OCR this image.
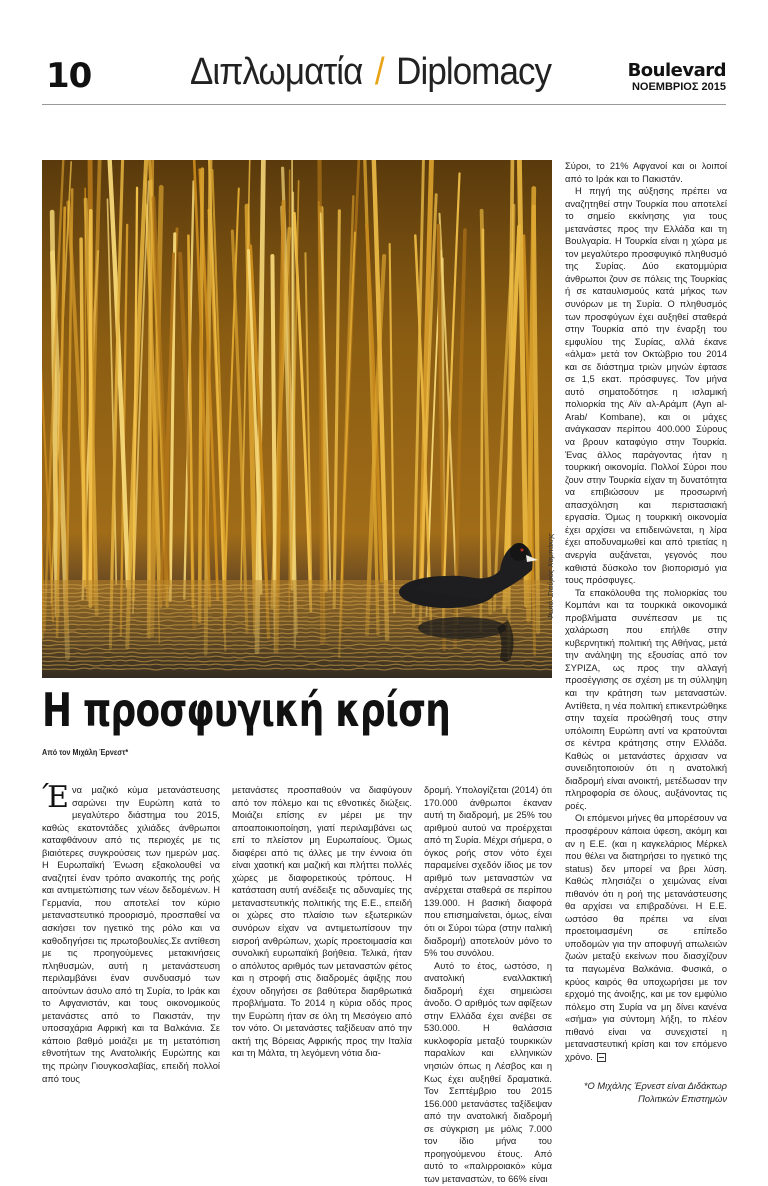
10	Διπλωματία / Diplomacy	Boulevard
ΝΟΕΜΒΡΙΟΣ 2015
Φωτό: Σταύρος Χαμπάκης
Η προσφυγική κρίση
Από τον Μιχάλη Έρνεστ*

Ένα μαζικό κύμα μετανάστευσης σαρώνει την Ευρώπη κατά το μεγαλύτερο διάστημα του 2015, καθώς εκατοντάδες χιλιάδες άνθρωποι καταφθάνουν από τις περιοχές με τις βιαιότερες συγκρούσεις των ημερών μας. Η Ευρωπαϊκή Ένωση εξακολουθεί να αναζητεί έναν τρόπο ανακοπής της ροής και αντιμετώπισης των νέων δεδομένων. Η Γερμανία, που αποτελεί τον κύριο μεταναστευτικό προορισμό, προσπαθεί να ασκήσει τον ηγετικό της ρόλο και να καθοδηγήσει τις πρωτοβουλίες.Σε αντίθεση με τις προηγούμενες μετακινήσεις πληθυσμών, αυτή η μετανάστευση περιλαμβάνει έναν συνδυασμό των αιτούντων άσυλο από τη Συρία, το Ιράκ και το Αφγανιστάν, και τους οικονομικούς μετανάστες από το Πακιστάν, την υποσαχάρια Αφρική και τα Βαλκάνια. Σε κάποιο βαθμό μοιάζει με τη μετατόπιση εθνοτήτων της Ανατολικής Ευρώπης και της πρώην Γιουγκοσλαβίας, επειδή πολλοί από τους

μετανάστες προσπαθούν να διαφύγουν από τον πόλεμο και τις εθνοτικές διώξεις. Μοιάζει επίσης εν μέρει με την αποαποικιοποίηση, γιατί περιλαμβάνει ως επί το πλείστον μη Ευρωπαίους. Όμως διαφέρει από τις άλλες με την έννοια ότι είναι χαοτική και μαζική και πλήττει πολλές χώρες με διαφορετικούς τρόπους. Η κατάσταση αυτή ανέδειξε τις αδυναμίες της μεταναστευτικής πολιτικής της Ε.Ε., επειδή οι χώρες στο πλαίσιο των εξωτερικών συνόρων είχαν να αντιμετωπίσουν την εισροή ανθρώπων, χωρίς προετοιμασία και συνολική ευρωπαϊκή βοήθεια. Τελικά, ήταν ο απόλυτος αριθμός των μεταναστών φέτος και η στροφή στις διαδρομές άφιξης που έχουν οδηγήσει σε βαθύτερα διαρθρωτικά προβλήματα. Το 2014 η κύρια οδός προς την Ευρώπη ήταν σε όλη τη Μεσόγειο από τον νότο. Οι μετανάστες ταξίδευαν από την ακτή της Βόρειας Αφρικής προς την Ιταλία και τη Μάλτα, τη λεγόμενη νότια δια-

δρομή. Υπολογίζεται (2014) ότι 170.000 άνθρωποι έκαναν αυτή τη διαδρομή, με 25% του αριθμού αυτού να προέρχεται από τη Συρία. Μέχρι σήμερα, ο όγκος ροής στον νότο έχει παραμείνει σχεδόν ίδιος με τον αριθμό των μεταναστών να ανέρχεται σταθερά σε περίπου 139.000. Η βασική διαφορά που επισημαίνεται, όμως, είναι ότι οι Σύροι τώρα (στην ιταλική διαδρομή) αποτελούν μόνο το 5% του συνόλου.

Αυτό το έτος, ωστόσο, η ανατολική εναλλακτική διαδρομή έχει σημειώσει άνοδο. Ο αριθμός των αφίξεων στην Ελλάδα έχει ανέβει σε 530.000. Η θαλάσσια κυκλοφορία μεταξύ τουρκικών παραλίων και ελληνικών νησιών όπως η Λέσβος και η Κως έχει αυξηθεί δραματικά. Τον Σεπτέμβριο του 2015 156.000 μετανάστες ταξίδεψαν από την ανατολική διαδρομή σε σύγκριση με μόλις 7.000 τον ίδιο μήνα του προηγούμενου έτους. Από αυτό το «παλιρροιακό» κύμα των μεταναστών, το 66% είναι

Σύροι, το 21% Αφγανοί και οι λοιποί από το Ιράκ και το Πακιστάν.

Η πηγή της αύξησης πρέπει να αναζητηθεί στην Τουρκία που αποτελεί το σημείο εκκίνησης για τους μετανάστες προς την Ελλάδα και τη Βουλγαρία. Η Τουρκία είναι η χώρα με τον μεγαλύτερο προσφυγικό πληθυσμό της Συρίας. Δύο εκατομμύρια άνθρωποι ζουν σε πόλεις της Τουρκίας ή σε καταυλισμούς κατά μήκος των συνόρων με τη Συρία. Ο πληθυσμός των προσφύγων έχει αυξηθεί σταθερά στην Τουρκία από την έναρξη του εμφυλίου της Συρίας, αλλά έκανε «άλμα» μετά τον Οκτώβριο του 2014 και σε διάστημα τριών μηνών έφτασε σε 1,5 εκατ. πρόσφυγες. Τον μήνα αυτό σηματοδότησε η ισλαμική πολιορκία της Αϊν αλ-Αράμπ (Ayn al-Arab/ Kombane), και οι μάχες ανάγκασαν περίπου 400.000 Σύρους να βρουν καταφύγιο στην Τουρκία. Ένας άλλος παράγοντας ήταν η τουρκική οικονομία. Πολλοί Σύροι που ζουν στην Τουρκία είχαν τη δυνατότητα να επιβιώσουν με προσωρινή απασχόληση και περιστασιακή εργασία. Όμως η τουρκική οικονομία έχει αρχίσει να επιδεινώνεται, η λίρα έχει αποδυναμωθεί και από τριετίας η ανεργία αυξάνεται, γεγονός που καθιστά δύσκολο τον βιοπορισμό για τους πρόσφυγες.

Τα επακόλουθα της πολιορκίας του Κομπάνι και τα τουρκικά οικονομικά προβλήματα συνέπεσαν με τις χαλάρωση που επήλθε στην κυβερνητική πολιτική της Αθήνας, μετά την ανάληψη της εξουσίας από τον ΣΥΡΙΖΑ, ως προς την αλλαγή προσέγγισης σε σχέση με τη σύλληψη και την κράτηση των μεταναστών. Αντίθετα, η νέα πολιτική επικεντρώθηκε στην ταχεία προώθησή τους στην υπόλοιπη Ευρώπη αντί να κρατούνται σε κέντρα κράτησης στην Ελλάδα. Καθώς οι μετανάστες άρχισαν να συνειδητοποιούν ότι η ανατολική διαδρομή είναι ανοικτή, μετέδωσαν την πληροφορία σε όλους, αυξάνοντας τις ροές.

Οι επόμενοι μήνες θα μπορέσουν να προσφέρουν κάποια ύφεση, ακόμη και αν η Ε.Ε. (και η καγκελάριος Μέρκελ που θέλει να διατηρήσει το ηγετικό της status) δεν μπορεί να βρει λύση. Καθώς πλησιάζει ο χειμώνας είναι πιθανόν ότι η ροή της μετανάστευσης θα αρχίσει να επιβραδύνει. Η Ε.Ε. ωστόσο θα πρέπει να είναι προετοιμασμένη σε επίπεδο υποδομών για την αποφυγή απωλειών ζωών μεταξύ εκείνων που διασχίζουν τα παγωμένα Βαλκάνια. Φυσικά, ο κρύος καιρός θα υποχωρήσει με τον ερχομό της άνοιξης, και με τον εμφύλιο πόλεμο στη Συρία να μη δίνει κανένα «σήμα» για σύντομη λήξη, το πλέον πιθανό είναι να συνεχιστεί η μεταναστευτική κρίση και τον επόμενο χρόνο.

*Ο Μιχάλης Έρνεστ είναι Διδάκτωρ Πολιτικών Επιστημών
